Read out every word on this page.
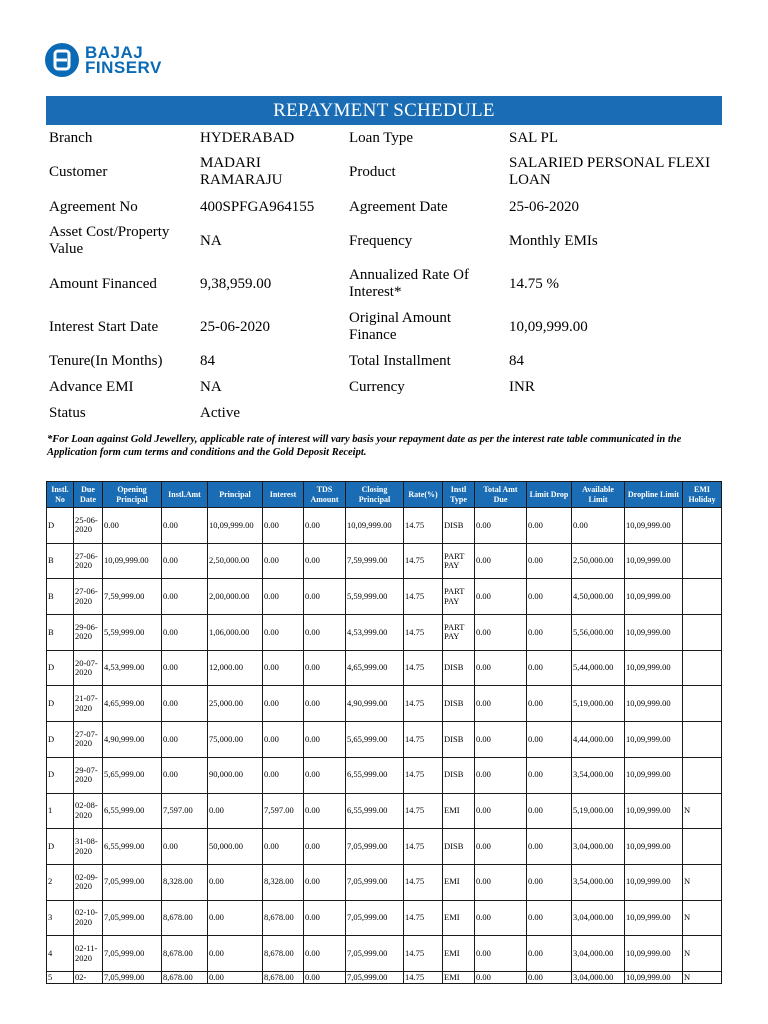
BAJAJ
FINSERV
REPAYMENT SCHEDULE
Branch	HYDERABAD	Loan Type	SAL PL
Customer	MADARI RAMARAJU	Product	SALARIED PERSONAL FLEXI LOAN
Agreement No	400SPFGA964155	Agreement Date	25-06-2020
Asset Cost/Property Value	NA	Frequency	Monthly EMIs
Amount Financed	9,38,959.00	Annualized Rate Of Interest*	14.75 %
Interest Start Date	25-06-2020	Original Amount Finance	10,09,999.00
Tenure(In Months)	84	Total Installment	84
Advance EMI	NA	Currency	INR
Status	Active		
*For Loan against Gold Jewellery, applicable rate of interest will vary basis your repayment date as per the interest rate table communicated in the Application form cum terms and conditions and the Gold Deposit Receipt.
Instl. No	Due Date	Opening Principal	Instl.Amt	Principal	Interest	TDS Amount	Closing Principal	Rate(%)	Instl Type	Total Amt Due	Limit Drop	Available Limit	Dropline Limit	EMI Holiday
D	25-06-2020	0.00	0.00	10,09,999.00	0.00	0.00	10,09,999.00	14.75	DISB	0.00	0.00	0.00	10,09,999.00	
B	27-06-2020	10,09,999.00	0.00	2,50,000.00	0.00	0.00	7,59,999.00	14.75	PART PAY	0.00	0.00	2,50,000.00	10,09,999.00	
B	27-06-2020	7,59,999.00	0.00	2,00,000.00	0.00	0.00	5,59,999.00	14.75	PART PAY	0.00	0.00	4,50,000.00	10,09,999.00	
B	29-06-2020	5,59,999.00	0.00	1,06,000.00	0.00	0.00	4,53,999.00	14.75	PART PAY	0.00	0.00	5,56,000.00	10,09,999.00	
D	20-07-2020	4,53,999.00	0.00	12,000.00	0.00	0.00	4,65,999.00	14.75	DISB	0.00	0.00	5,44,000.00	10,09,999.00	
D	21-07-2020	4,65,999.00	0.00	25,000.00	0.00	0.00	4,90,999.00	14.75	DISB	0.00	0.00	5,19,000.00	10,09,999.00	
D	27-07-2020	4,90,999.00	0.00	75,000.00	0.00	0.00	5,65,999.00	14.75	DISB	0.00	0.00	4,44,000.00	10,09,999.00	
D	29-07-2020	5,65,999.00	0.00	90,000.00	0.00	0.00	6,55,999.00	14.75	DISB	0.00	0.00	3,54,000.00	10,09,999.00	
1	02-08-2020	6,55,999.00	7,597.00	0.00	7,597.00	0.00	6,55,999.00	14.75	EMI	0.00	0.00	5,19,000.00	10,09,999.00	N
D	31-08-2020	6,55,999.00	0.00	50,000.00	0.00	0.00	7,05,999.00	14.75	DISB	0.00	0.00	3,04,000.00	10,09,999.00	
2	02-09-2020	7,05,999.00	8,328.00	0.00	8,328.00	0.00	7,05,999.00	14.75	EMI	0.00	0.00	3,54,000.00	10,09,999.00	N
3	02-10-2020	7,05,999.00	8,678.00	0.00	8,678.00	0.00	7,05,999.00	14.75	EMI	0.00	0.00	3,04,000.00	10,09,999.00	N
4	02-11-2020	7,05,999.00	8,678.00	0.00	8,678.00	0.00	7,05,999.00	14.75	EMI	0.00	0.00	3,04,000.00	10,09,999.00	N
5	02-	7,05,999.00	8,678.00	0.00	8,678.00	0.00	7,05,999.00	14.75	EMI	0.00	0.00	3,04,000.00	10,09,999.00	N
